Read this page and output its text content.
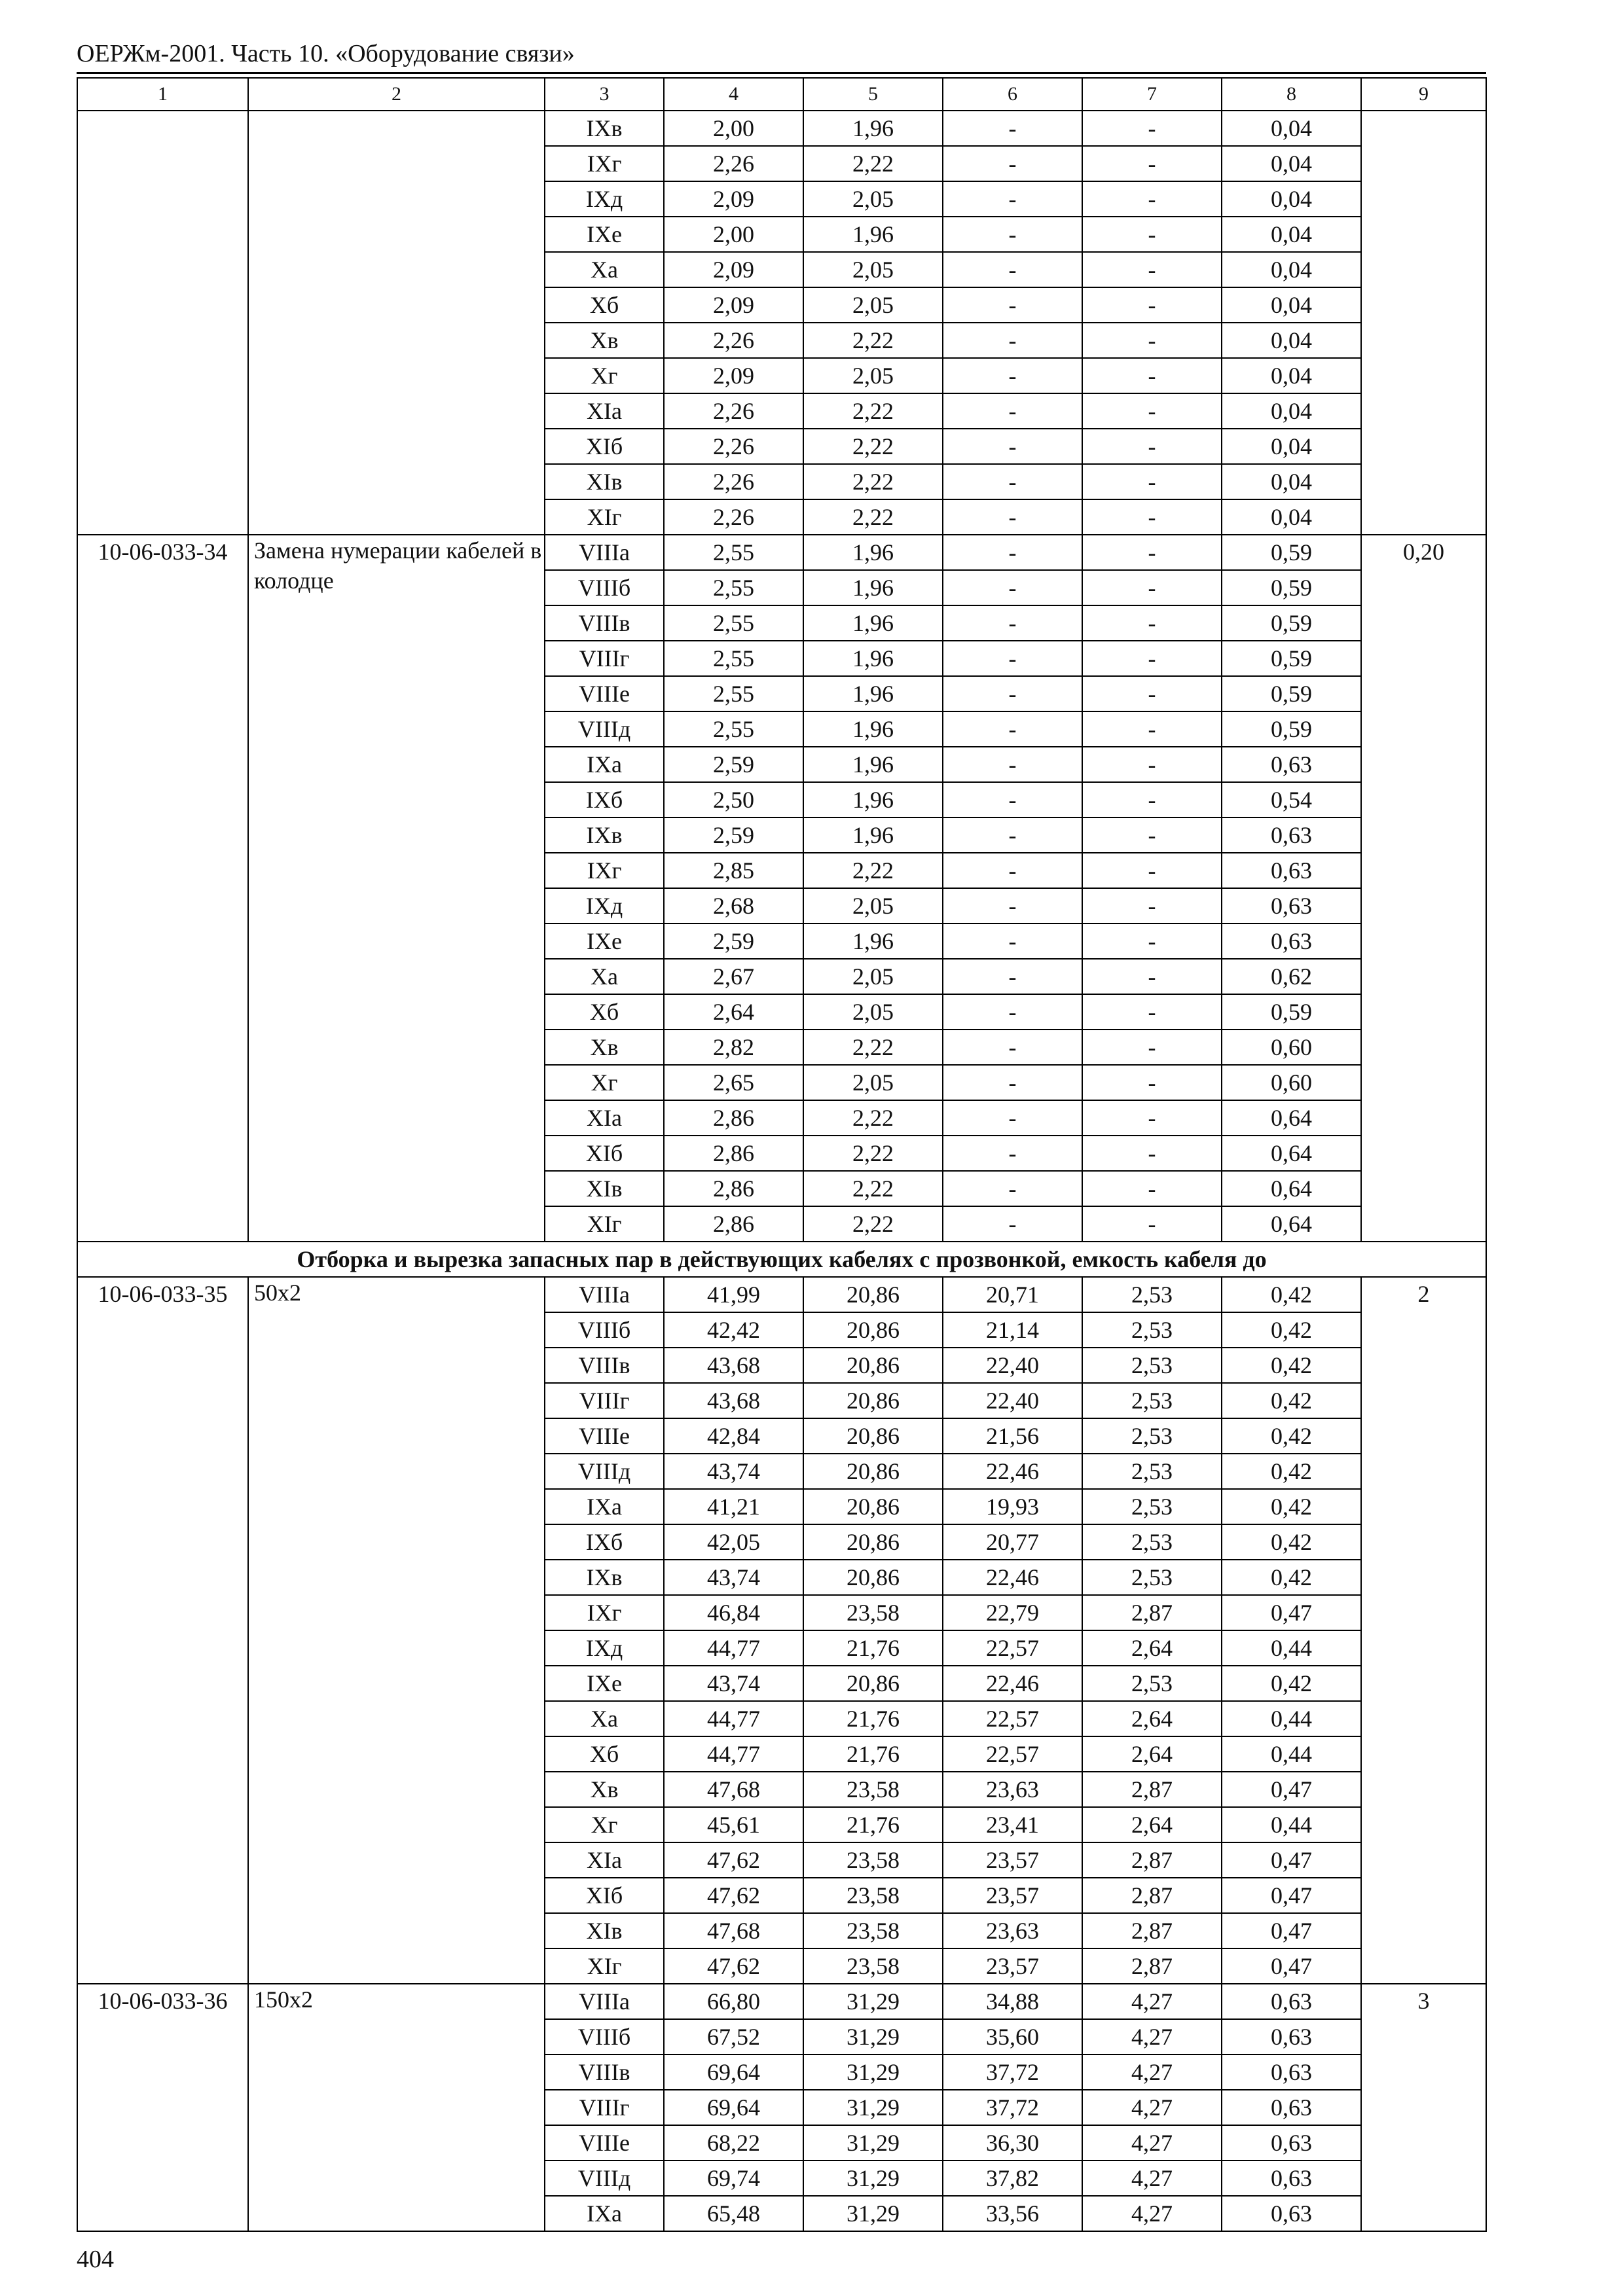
ОЕРЖм-2001. Часть 10. «Оборудование связи»
1	2	3	4	5	6	7	8	9
		IXв	2,00	1,96	-	-	0,04	
		IXг	2,26	2,22	-	-	0,04	
		IXд	2,09	2,05	-	-	0,04	
		IXе	2,00	1,96	-	-	0,04	
		Xа	2,09	2,05	-	-	0,04	
		Xб	2,09	2,05	-	-	0,04	
		Xв	2,26	2,22	-	-	0,04	
		Xг	2,09	2,05	-	-	0,04	
		XIа	2,26	2,22	-	-	0,04	
		XIб	2,26	2,22	-	-	0,04	
		XIв	2,26	2,22	-	-	0,04	
		XIг	2,26	2,22	-	-	0,04	
10-06-033-34	Замена нумерации кабелей в колодце	VIIIа	2,55	1,96	-	-	0,59	0,20
		VIIIб	2,55	1,96	-	-	0,59	
		VIIIв	2,55	1,96	-	-	0,59	
		VIIIг	2,55	1,96	-	-	0,59	
		VIIIе	2,55	1,96	-	-	0,59	
		VIIIд	2,55	1,96	-	-	0,59	
		IXа	2,59	1,96	-	-	0,63	
		IXб	2,50	1,96	-	-	0,54	
		IXв	2,59	1,96	-	-	0,63	
		IXг	2,85	2,22	-	-	0,63	
		IXд	2,68	2,05	-	-	0,63	
		IXе	2,59	1,96	-	-	0,63	
		Xа	2,67	2,05	-	-	0,62	
		Xб	2,64	2,05	-	-	0,59	
		Xв	2,82	2,22	-	-	0,60	
		Xг	2,65	2,05	-	-	0,60	
		XIа	2,86	2,22	-	-	0,64	
		XIб	2,86	2,22	-	-	0,64	
		XIв	2,86	2,22	-	-	0,64	
		XIг	2,86	2,22	-	-	0,64	
Отборка и вырезка запасных пар в действующих кабелях с прозвонкой, емкость кабеля до								
10-06-033-35	50х2	VIIIа	41,99	20,86	20,71	2,53	0,42	2
		VIIIб	42,42	20,86	21,14	2,53	0,42	
		VIIIв	43,68	20,86	22,40	2,53	0,42	
		VIIIг	43,68	20,86	22,40	2,53	0,42	
		VIIIе	42,84	20,86	21,56	2,53	0,42	
		VIIIд	43,74	20,86	22,46	2,53	0,42	
		IXа	41,21	20,86	19,93	2,53	0,42	
		IXб	42,05	20,86	20,77	2,53	0,42	
		IXв	43,74	20,86	22,46	2,53	0,42	
		IXг	46,84	23,58	22,79	2,87	0,47	
		IXд	44,77	21,76	22,57	2,64	0,44	
		IXе	43,74	20,86	22,46	2,53	0,42	
		Xа	44,77	21,76	22,57	2,64	0,44	
		Xб	44,77	21,76	22,57	2,64	0,44	
		Xв	47,68	23,58	23,63	2,87	0,47	
		Xг	45,61	21,76	23,41	2,64	0,44	
		XIа	47,62	23,58	23,57	2,87	0,47	
		XIб	47,62	23,58	23,57	2,87	0,47	
		XIв	47,68	23,58	23,63	2,87	0,47	
		XIг	47,62	23,58	23,57	2,87	0,47	
10-06-033-36	150х2	VIIIа	66,80	31,29	34,88	4,27	0,63	3
		VIIIб	67,52	31,29	35,60	4,27	0,63	
		VIIIв	69,64	31,29	37,72	4,27	0,63	
		VIIIг	69,64	31,29	37,72	4,27	0,63	
		VIIIе	68,22	31,29	36,30	4,27	0,63	
		VIIIд	69,74	31,29	37,82	4,27	0,63	
		IXа	65,48	31,29	33,56	4,27	0,63	
404
